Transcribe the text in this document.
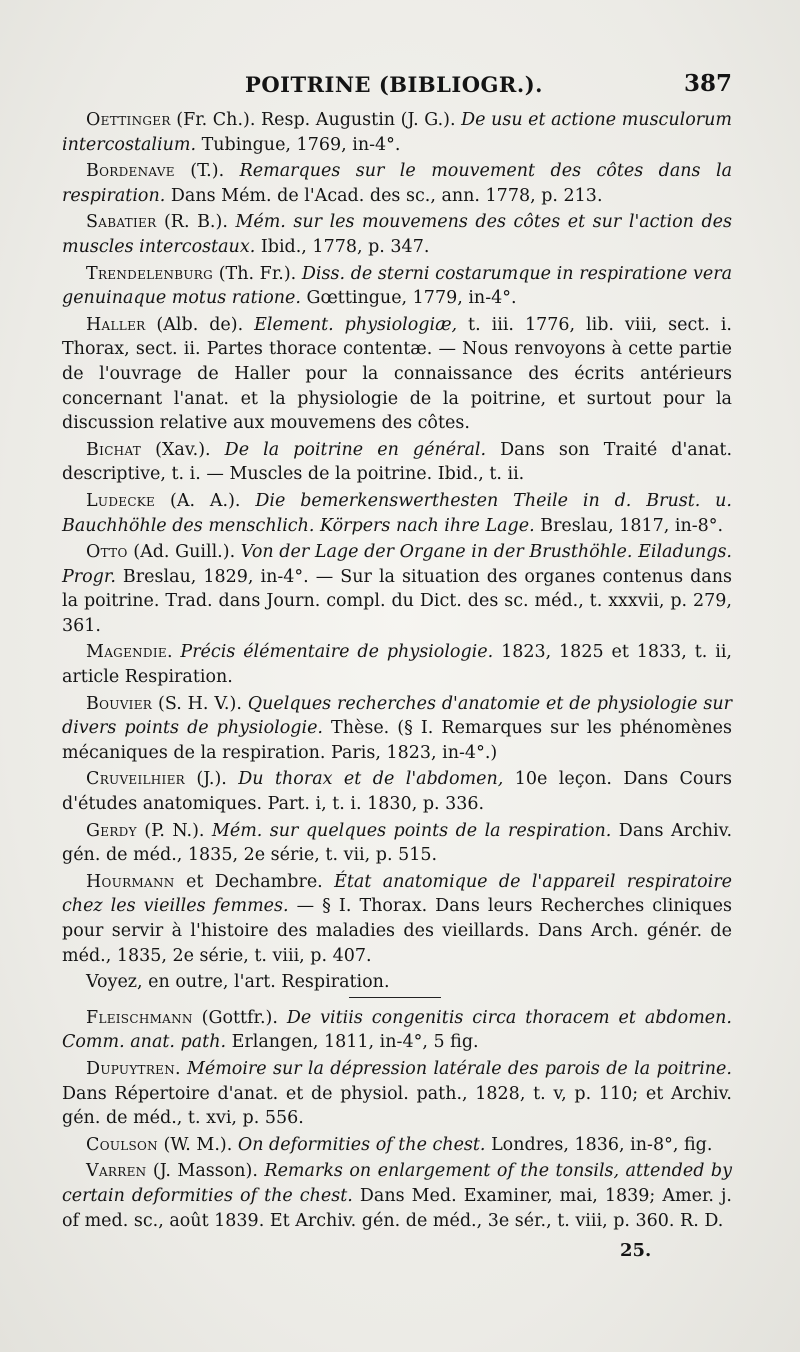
POITRINE (BIBLIOGR.).	387

Oettinger (Fr. Ch.). Resp. Augustin (J. G.). De usu et actione musculorum intercostalium. Tubingue, 1769, in-4°.

Bordenave (T.). Remarques sur le mouvement des côtes dans la respiration. Dans Mém. de l'Acad. des sc., ann. 1778, p. 213.

Sabatier (R. B.). Mém. sur les mouvemens des côtes et sur l'action des muscles intercostaux. Ibid., 1778, p. 347.

Trendelenburg (Th. Fr.). Diss. de sterni costarumque in respiratione vera genuinaque motus ratione. Gœttingue, 1779, in-4°.

Haller (Alb. de). Element. physiologiæ, t. iii. 1776, lib. viii, sect. i. Thorax, sect. ii. Partes thorace contentæ. — Nous renvoyons à cette partie de l'ouvrage de Haller pour la connaissance des écrits antérieurs concernant l'anat. et la physiologie de la poitrine, et surtout pour la discussion relative aux mouvemens des côtes.

Bichat (Xav.). De la poitrine en général. Dans son Traité d'anat. descriptive, t. i. — Muscles de la poitrine. Ibid., t. ii.

Ludecke (A. A.). Die bemerkenswerthesten Theile in d. Brust. u. Bauchhöhle des menschlich. Körpers nach ihre Lage. Breslau, 1817, in-8°.

Otto (Ad. Guill.). Von der Lage der Organe in der Brusthöhle. Eiladungs. Progr. Breslau, 1829, in-4°. — Sur la situation des organes contenus dans la poitrine. Trad. dans Journ. compl. du Dict. des sc. méd., t. xxxvii, p. 279, 361.

Magendie. Précis élémentaire de physiologie. 1823, 1825 et 1833, t. ii, article Respiration.

Bouvier (S. H. V.). Quelques recherches d'anatomie et de physiologie sur divers points de physiologie. Thèse. (§ I. Remarques sur les phénomènes mécaniques de la respiration. Paris, 1823, in-4°.)

Cruveilhier (J.). Du thorax et de l'abdomen, 10e leçon. Dans Cours d'études anatomiques. Part. i, t. i. 1830, p. 336.

Gerdy (P. N.). Mém. sur quelques points de la respiration. Dans Archiv. gén. de méd., 1835, 2e série, t. vii, p. 515.

Hourmann et Dechambre. État anatomique de l'appareil respiratoire chez les vieilles femmes. — § I. Thorax. Dans leurs Recherches cliniques pour servir à l'histoire des maladies des vieillards. Dans Arch. génér. de méd., 1835, 2e série, t. viii, p. 407.

Voyez, en outre, l'art. Respiration.

Fleischmann (Gottfr.). De vitiis congenitis circa thoracem et abdomen. Comm. anat. path. Erlangen, 1811, in-4°, 5 fig.

Dupuytren. Mémoire sur la dépression latérale des parois de la poitrine. Dans Répertoire d'anat. et de physiol. path., 1828, t. v, p. 110; et Archiv. gén. de méd., t. xvi, p. 556.

Coulson (W. M.). On deformities of the chest. Londres, 1836, in-8°, fig.

Varren (J. Masson). Remarks on enlargement of the tonsils, attended by certain deformities of the chest. Dans Med. Examiner, mai, 1839; Amer. j. of med. sc., août 1839. Et Archiv. gén. de méd., 3e sér., t. viii, p. 360. R. D.

25.
